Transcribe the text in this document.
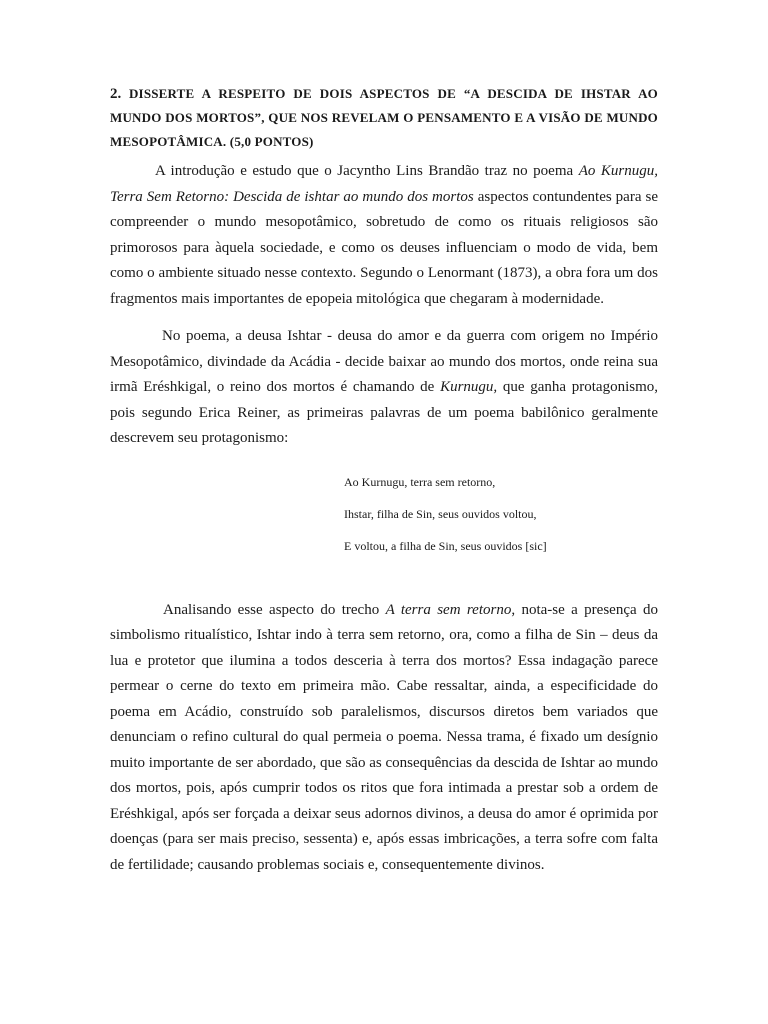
2. DISSERTE A RESPEITO DE DOIS ASPECTOS DE “A DESCIDA DE IHSTAR AO MUNDO DOS MORTOS”, QUE NOS REVELAM O PENSAMENTO E A VISÃO DE MUNDO MESOPOTÂMICA. (5,0 PONTOS)

A introdução e estudo que o Jacyntho Lins Brandão traz no poema Ao Kurnugu, Terra Sem Retorno: Descida de ishtar ao mundo dos mortos aspectos contundentes para se compreender o mundo mesopotâmico, sobretudo de como os rituais religiosos são primorosos para àquela sociedade, e como os deuses influenciam o modo de vida, bem como o ambiente situado nesse contexto. Segundo o Lenormant (1873), a obra fora um dos fragmentos mais importantes de epopeia mitológica que chegaram à modernidade.

No poema, a deusa Ishtar - deusa do amor e da guerra com origem no Império Mesopotâmico, divindade da Acádia - decide baixar ao mundo dos mortos, onde reina sua irmã Eréshkigal, o reino dos mortos é chamando de Kurnugu, que ganha protagonismo, pois segundo Erica Reiner, as primeiras palavras de um poema babilônico geralmente descrevem seu protagonismo:

Ao Kurnugu, terra sem retorno,
Ihstar, filha de Sin, seus ouvidos voltou,
E voltou, a filha de Sin, seus ouvidos [sic]

Analisando esse aspecto do trecho A terra sem retorno, nota-se a presença do simbolismo ritualístico, Ishtar indo à terra sem retorno, ora, como a filha de Sin – deus da lua e protetor que ilumina a todos desceria à terra dos mortos? Essa indagação parece permear o cerne do texto em primeira mão. Cabe ressaltar, ainda, a especificidade do poema em Acádio, construído sob paralelismos, discursos diretos bem variados que denunciam o refino cultural do qual permeia o poema. Nessa trama, é fixado um desígnio muito importante de ser abordado, que são as consequências da descida de Ishtar ao mundo dos mortos, pois, após cumprir todos os ritos que fora intimada a prestar sob a ordem de Eréshkigal, após ser forçada a deixar seus adornos divinos, a deusa do amor é oprimida por doenças (para ser mais preciso, sessenta) e, após essas imbricações, a terra sofre com falta de fertilidade; causando problemas sociais e, consequentemente divinos.
